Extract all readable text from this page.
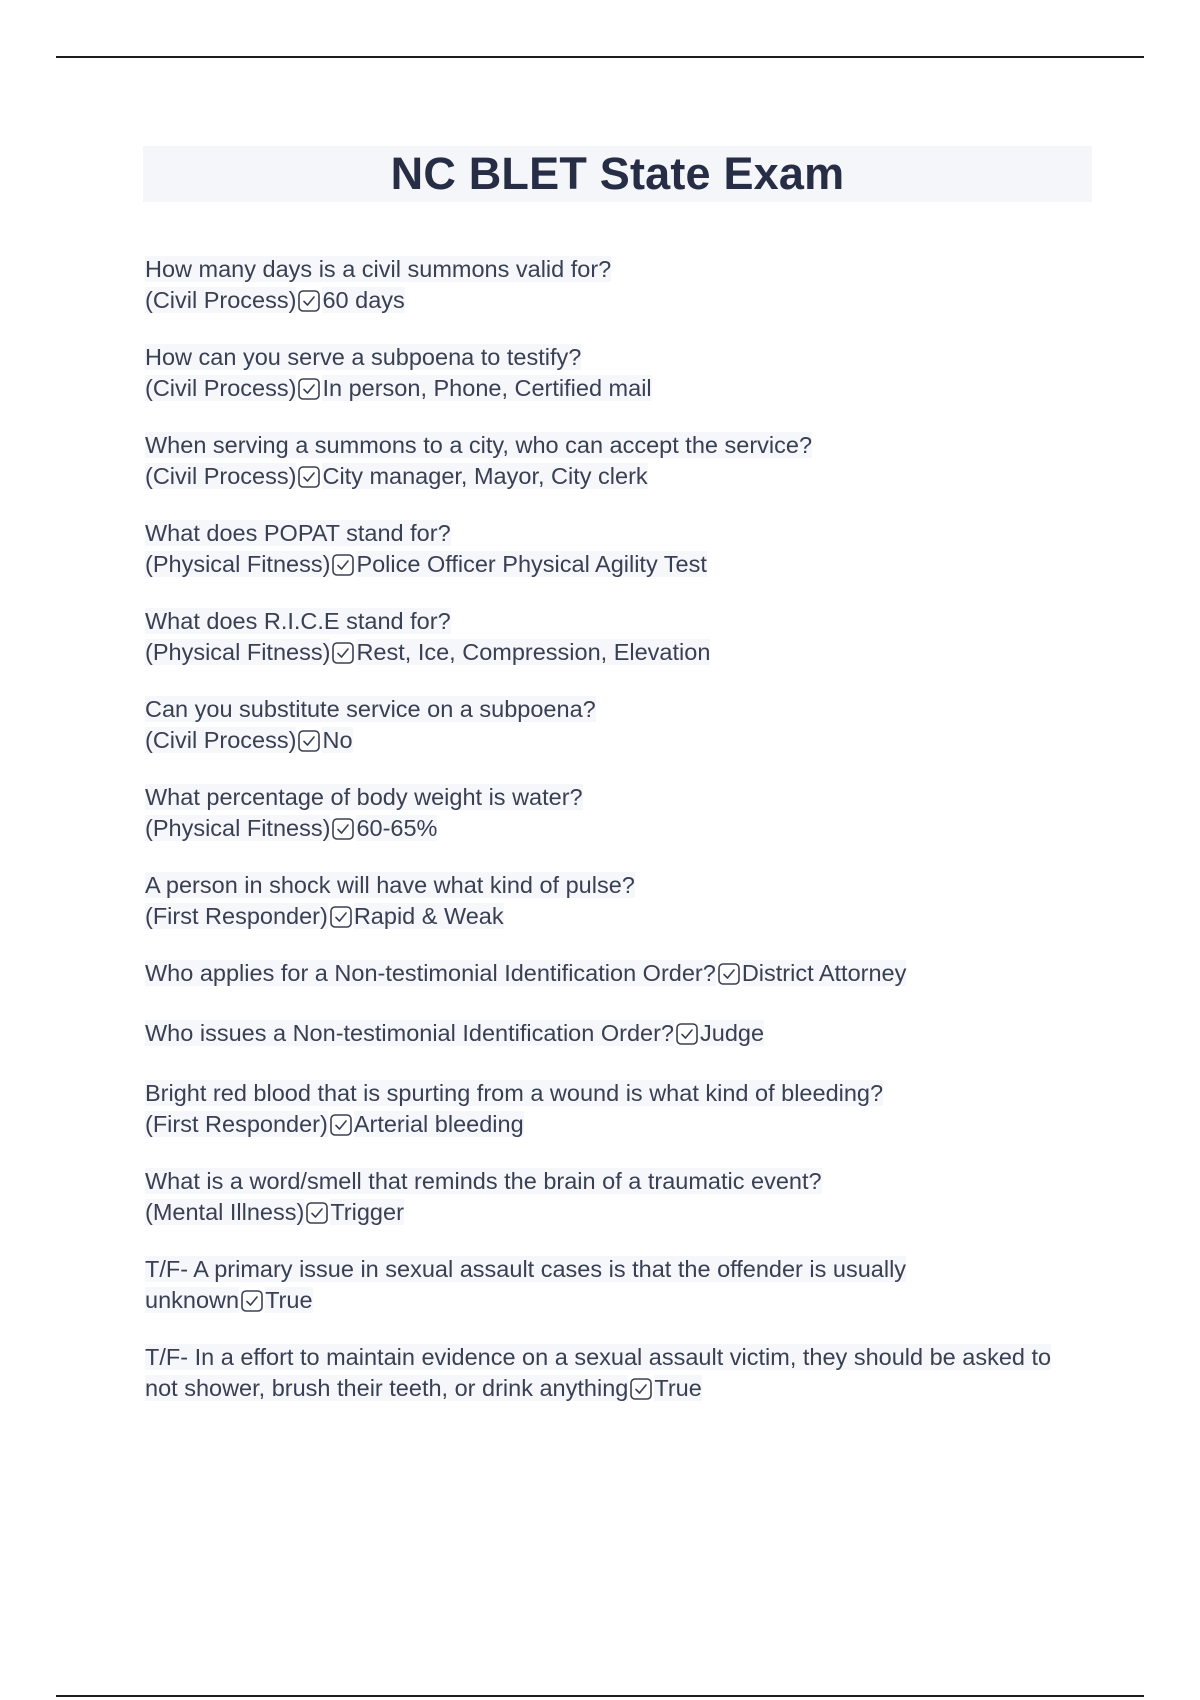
NC BLET State Exam
How many days is a civil summons valid for?
(Civil Process) 60 days
How can you serve a subpoena to testify?
(Civil Process) In person, Phone, Certified mail
When serving a summons to a city, who can accept the service?
(Civil Process) City manager, Mayor, City clerk
What does POPAT stand for?
(Physical Fitness) Police Officer Physical Agility Test
What does R.I.C.E stand for?
(Physical Fitness) Rest, Ice, Compression, Elevation
Can you substitute service on a subpoena?
(Civil Process) No
What percentage of body weight is water?
(Physical Fitness) 60-65%
A person in shock will have what kind of pulse?
(First Responder) Rapid & Weak
Who applies for a Non-testimonial Identification Order? District Attorney
Who issues a Non-testimonial Identification Order? Judge
Bright red blood that is spurting from a wound is what kind of bleeding?
(First Responder) Arterial bleeding
What is a word/smell that reminds the brain of a traumatic event?
(Mental Illness) Trigger
T/F- A primary issue in sexual assault cases is that the offender is usually
unknown True
T/F- In a effort to maintain evidence on a sexual assault victim, they should be asked to
not shower, brush their teeth, or drink anything True
